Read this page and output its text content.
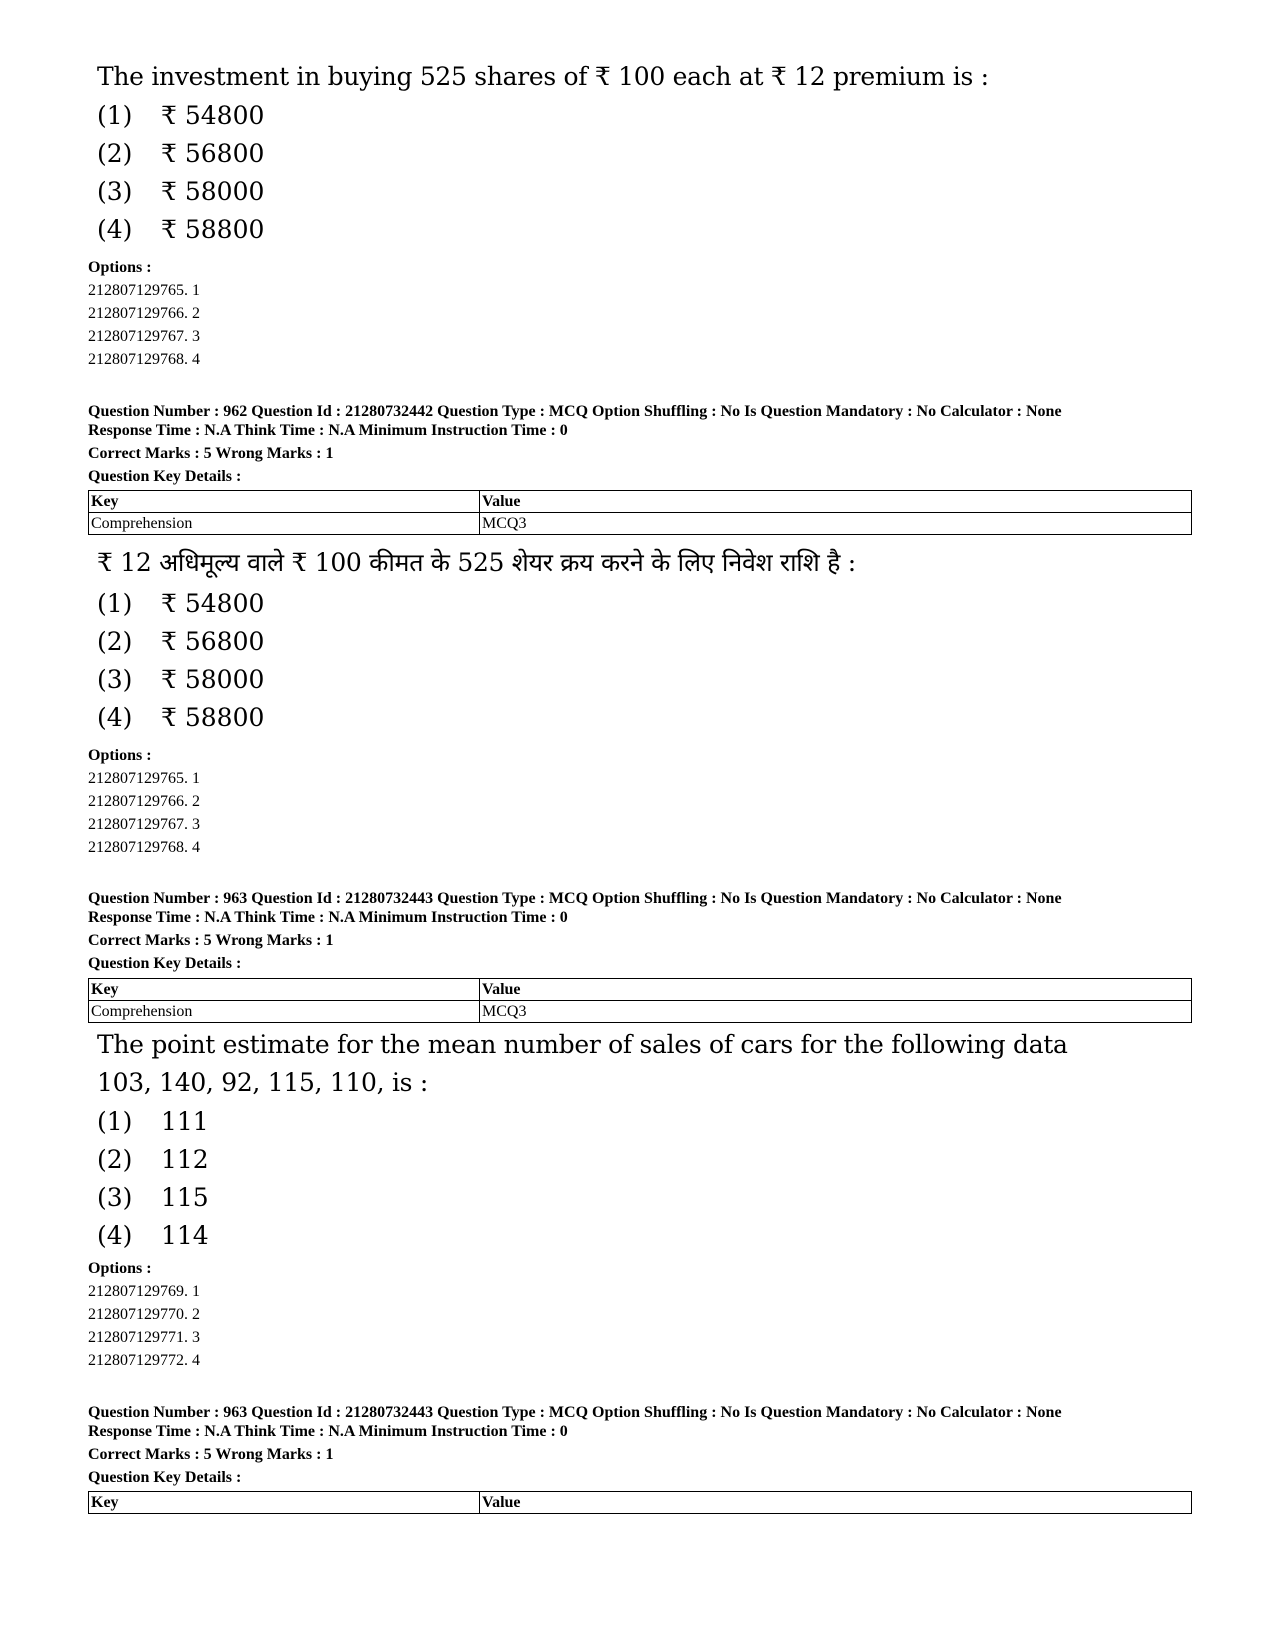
The investment in buying 525 shares of ₹ 100 each at ₹ 12 premium is :
(1) ₹ 54800
(2) ₹ 56800
(3) ₹ 58000
(4) ₹ 58800
Options :
212807129765. 1
212807129766. 2
212807129767. 3
212807129768. 4
Question Number : 962 Question Id : 21280732442 Question Type : MCQ Option Shuffling : No Is Question Mandatory : No Calculator : None
Response Time : N.A Think Time : N.A Minimum Instruction Time : 0
Correct Marks : 5 Wrong Marks : 1
Question Key Details :
Key	Value
Comprehension	MCQ3
₹ 12 अधिमूल्य वाले ₹ 100 कीमत के 525 शेयर क्रय करने के लिए निवेश राशि है :
(1) ₹ 54800
(2) ₹ 56800
(3) ₹ 58000
(4) ₹ 58800
Options :
212807129765. 1
212807129766. 2
212807129767. 3
212807129768. 4
Question Number : 963 Question Id : 21280732443 Question Type : MCQ Option Shuffling : No Is Question Mandatory : No Calculator : None
Response Time : N.A Think Time : N.A Minimum Instruction Time : 0
Correct Marks : 5 Wrong Marks : 1
Question Key Details :
Key	Value
Comprehension	MCQ3
The point estimate for the mean number of sales of cars for the following data
103, 140, 92, 115, 110, is :
(1) 111
(2) 112
(3) 115
(4) 114
Options :
212807129769. 1
212807129770. 2
212807129771. 3
212807129772. 4
Question Number : 963 Question Id : 21280732443 Question Type : MCQ Option Shuffling : No Is Question Mandatory : No Calculator : None
Response Time : N.A Think Time : N.A Minimum Instruction Time : 0
Correct Marks : 5 Wrong Marks : 1
Question Key Details :
Key	Value
